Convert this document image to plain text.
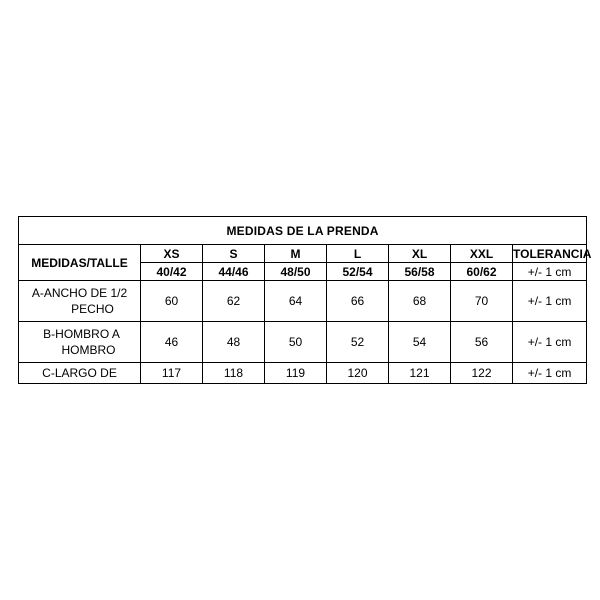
MEDIDAS DE LA PRENDA							
MEDIDAS/TALLE	XS	S	M	L	XL	XXL	TOLERANCIA
	40/42	44/46	48/50	52/54	56/58	60/62	+/- 1 cm
A-ANCHO DE 1/2
PECHO	60	62	64	66	68	70	+/- 1 cm
B-HOMBRO A
HOMBRO	46	48	50	52	54	56	+/- 1 cm
C-LARGO DE	117	118	119	120	121	122	+/- 1 cm
